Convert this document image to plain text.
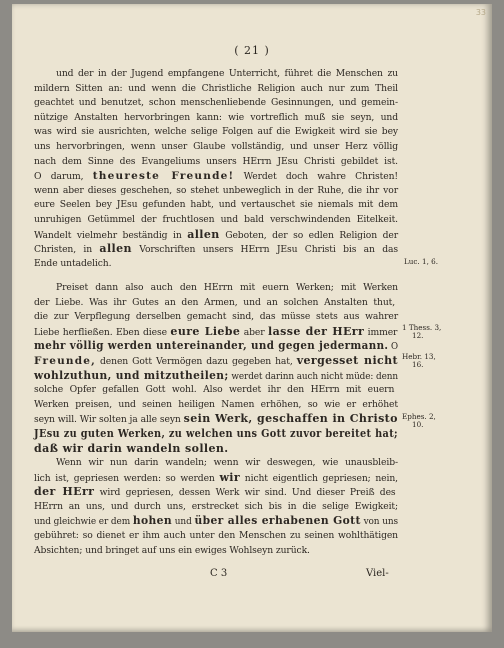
33
( 21 )
und der in der Jugend empfangene Unterricht, führet die Menschen zu
mildern Sitten an: und wenn die Christliche Religion auch nur zum Theil
geachtet und benutzet, schon menschenliebende Gesinnungen, und gemein-
nützige Anstalten hervorbringen kann: wie vortreflich muß sie seyn, und
was wird sie ausrichten, welche selige Folgen auf die Ewigkeit wird sie bey
uns hervorbringen, wenn unser Glaube vollständig, und unser Herz völlig
nach dem Sinne des Evangeliums unsers HErrn JEsu Christi gebildet ist.
O darum, theureste Freunde! Werdet doch wahre Christen!
wenn aber dieses geschehen, so stehet unbeweglich in der Ruhe, die ihr vor
eure Seelen bey JEsu gefunden habt, und vertauschet sie niemals mit dem
unruhigen Getümmel der fruchtlosen und bald verschwindenden Eitelkeit.
Wandelt vielmehr beständig in allen Geboten, der so edlen Religion der
Christen, in allen Vorschriften unsers HErrn JEsu Christi bis an das
Ende untadelich.
Preiset dann also auch den HErrn mit euern Werken; mit Werken
der Liebe. Was ihr Gutes an den Armen, und an solchen Anstalten thut,
die zur Verpflegung derselben gemacht sind, das müsse stets aus wahrer
Liebe herfließen. Eben diese eure Liebe aber lasse der HErr immer
mehr völlig werden untereinander, und gegen jedermann. O
Freunde, denen Gott Vermögen dazu gegeben hat, vergesset nicht
wohlzuthun, und mitzutheilen; werdet darinn auch nicht müde: denn
solche Opfer gefallen Gott wohl. Also werdet ihr den HErrn mit euern
Werken preisen, und seinen heiligen Namen erhöhen, so wie er erhöhet
seyn will. Wir solten ja alle seyn sein Werk, geschaffen in Christo
JEsu zu guten Werken, zu welchen uns Gott zuvor bereitet hat;
daß wir darin wandeln sollen.
Wenn wir nun darin wandeln; wenn wir deswegen, wie unausbleib-
lich ist, gepriesen werden: so werden wir nicht eigentlich gepriesen; nein,
der HErr wird gepriesen, dessen Werk wir sind. Und dieser Preiß des
HErrn an uns, und durch uns, erstrecket sich bis in die selige Ewigkeit;
und gleichwie er dem hohen und über alles erhabenen Gott von uns
gebühret: so dienet er ihm auch unter den Menschen zu seinen wohlthätigen
Absichten; und bringet auf uns ein ewiges Wohlseyn zurück.
Luc. 1, 6.
1 Thess. 3,
12.
Hebr. 13,
16.
Ephes. 2,
10.
C 3	Viel-
